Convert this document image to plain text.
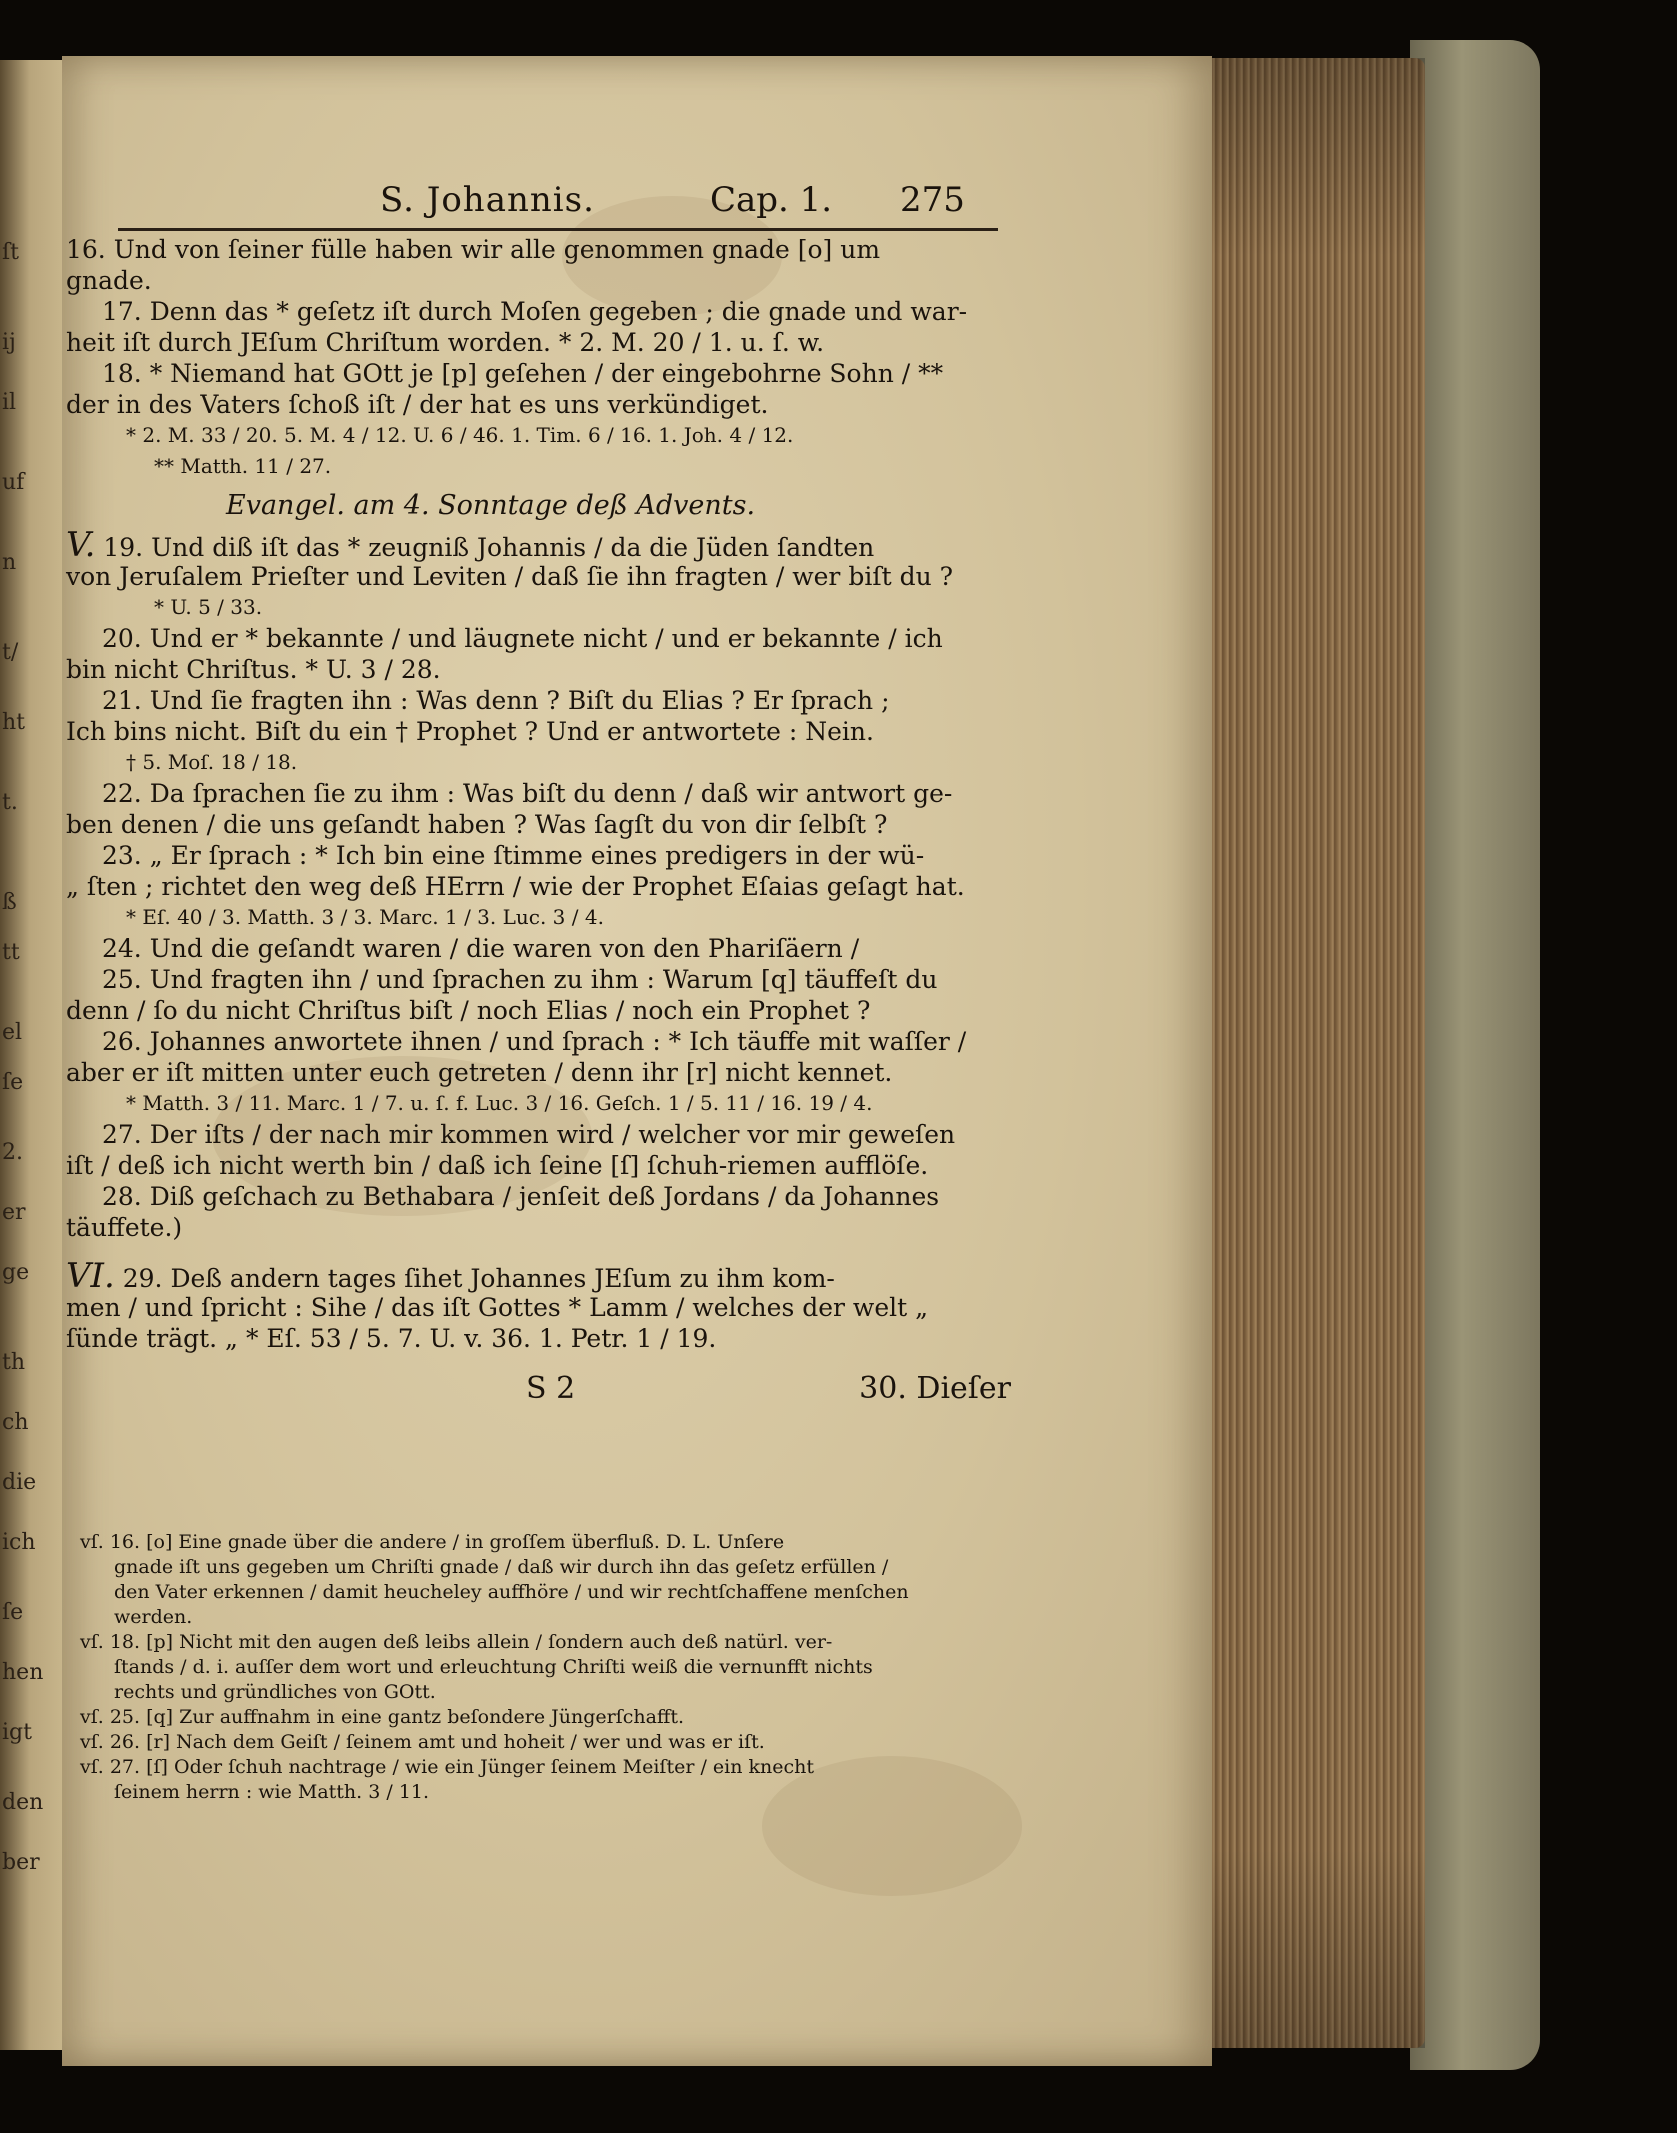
ſt
ij
il
uf
n
t/
ht
t.
ß
tt
el
ſe
2.
er
ge
th
ch
die
ich
ſe
hen
igt
den
ber
S. Johannis.	Cap. 1. 275
16. Und von ſeiner fülle haben wir alle genommen gnade [o] um
gnade.
17. Denn das * geſetz iſt durch Moſen gegeben ; die gnade und war-
heit iſt durch JEſum Chriſtum worden. * 2. M. 20 / 1. u. ſ. w.
18. * Niemand hat GOtt je [p] geſehen / der eingebohrne Sohn / **
der in des Vaters ſchoß iſt / der hat es uns verkündiget.
* 2. M. 33 / 20. 5. M. 4 / 12. U. 6 / 46. 1. Tim. 6 / 16. 1. Joh. 4 / 12.
** Matth. 11 / 27.
Evangel. am 4. Sonntage deß Advents.
V. 19. Und diß iſt das * zeugniß Johannis / da die Jüden ſandten
von Jeruſalem Prieſter und Leviten / daß ſie ihn fragten / wer biſt du ?
* U. 5 / 33.
20. Und er * bekannte / und läugnete nicht / und er bekannte / ich
bin nicht Chriſtus. * U. 3 / 28.
21. Und ſie fragten ihn : Was denn ? Biſt du Elias ? Er ſprach ;
Ich bins nicht. Biſt du ein † Prophet ? Und er antwortete : Nein.
† 5. Moſ. 18 / 18.
22. Da ſprachen ſie zu ihm : Was biſt du denn / daß wir antwort ge-
ben denen / die uns geſandt haben ? Was ſagſt du von dir ſelbſt ?
23. „ Er ſprach : * Ich bin eine ſtimme eines predigers in der wü-
„ ſten ; richtet den weg deß HErrn / wie der Prophet Eſaias geſagt hat.
* Eſ. 40 / 3. Matth. 3 / 3. Marc. 1 / 3. Luc. 3 / 4.
24. Und die geſandt waren / die waren von den Phariſäern /
25. Und fragten ihn / und ſprachen zu ihm : Warum [q] täuffeſt du
denn / ſo du nicht Chriſtus biſt / noch Elias / noch ein Prophet ?
26. Johannes anwortete ihnen / und ſprach : * Ich täuffe mit waſſer /
aber er iſt mitten unter euch getreten / denn ihr [r] nicht kennet.
* Matth. 3 / 11. Marc. 1 / 7. u. ſ. f. Luc. 3 / 16. Geſch. 1 / 5. 11 / 16. 19 / 4.
27. Der iſts / der nach mir kommen wird / welcher vor mir geweſen
iſt / deß ich nicht werth bin / daß ich ſeine [ſ] ſchuh-riemen aufflöſe.
28. Diß geſchach zu Bethabara / jenſeit deß Jordans / da Johannes
täuffete.)
VI. 29. Deß andern tages ſihet Johannes JEſum zu ihm kom-
men / und ſpricht : Sihe / das iſt Gottes * Lamm / welches der welt „
ſünde trägt. „ * Eſ. 53 / 5. 7. U. v. 36. 1. Petr. 1 / 19.
S 2	30. Dieſer
vſ. 16. [o] Eine gnade über die andere / in groſſem überfluß. D. L. Unſere
gnade iſt uns gegeben um Chriſti gnade / daß wir durch ihn das geſetz erfüllen /
den Vater erkennen / damit heucheley auffhöre / und wir rechtſchaffene menſchen
werden.
vſ. 18. [p] Nicht mit den augen deß leibs allein / ſondern auch deß natürl. ver-
ſtands / d. i. auſſer dem wort und erleuchtung Chriſti weiß die vernunfft nichts
rechts und gründliches von GOtt.
vſ. 25. [q] Zur auffnahm in eine gantz beſondere Jüngerſchafft.
vſ. 26. [r] Nach dem Geiſt / ſeinem amt und hoheit / wer und was er iſt.
vſ. 27. [ſ] Oder ſchuh nachtrage / wie ein Jünger ſeinem Meiſter / ein knecht
ſeinem herrn : wie Matth. 3 / 11.
